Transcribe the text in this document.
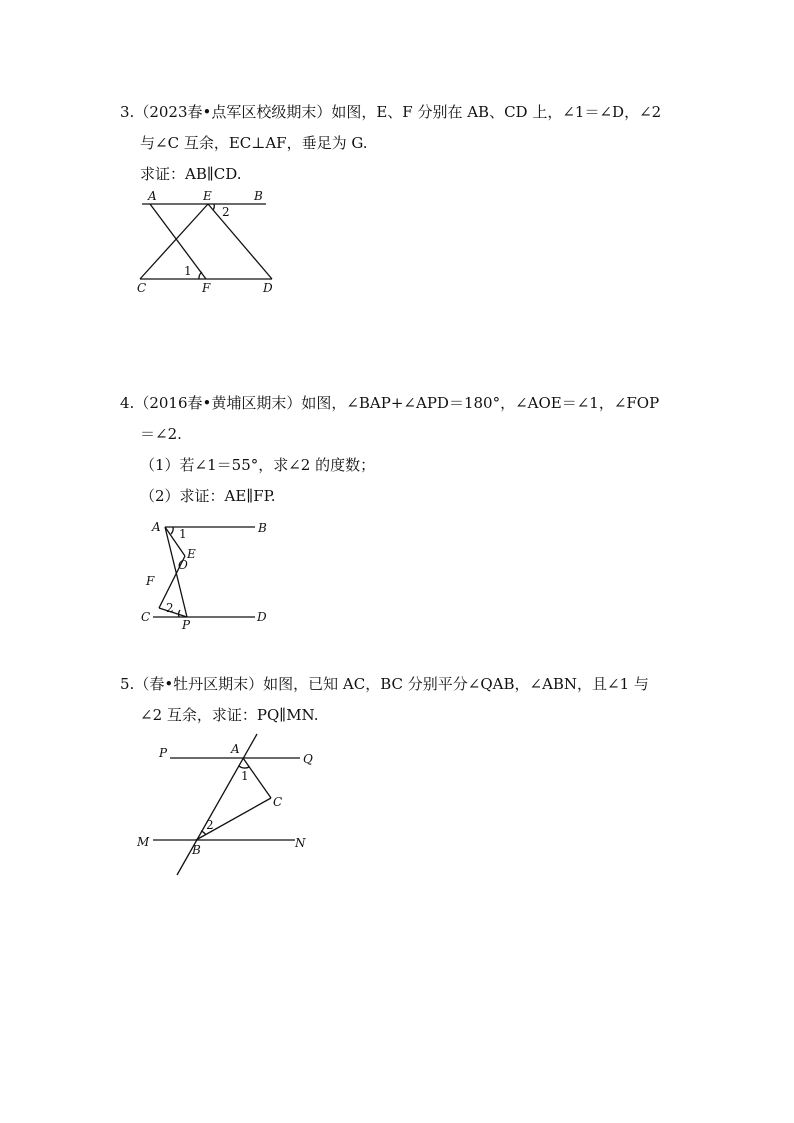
3.（2023春•点军区校级期末）如图，E、F 分别在 AB、CD 上，∠1＝∠D，∠2
与∠C 互余，EC⊥AF，垂足为 G.
求证：AB∥CD.
A	E	B
2
1
C	F	D
4.（2016春•黄埔区期末）如图，∠BAP+∠APD＝180°，∠AOE＝∠1，∠FOP
＝∠2.
（1）若∠1＝55°，求∠2 的度数；
（2）求证：AE∥FP.
A	B
1
E
O
F
2
C
P
D
5.（春•牡丹区期末）如图，已知 AC，BC 分别平分∠QAB，∠ABN，且∠1 与
∠2 互余，求证：PQ∥MN.
P	A
Q
1
C
2
M
B	N
